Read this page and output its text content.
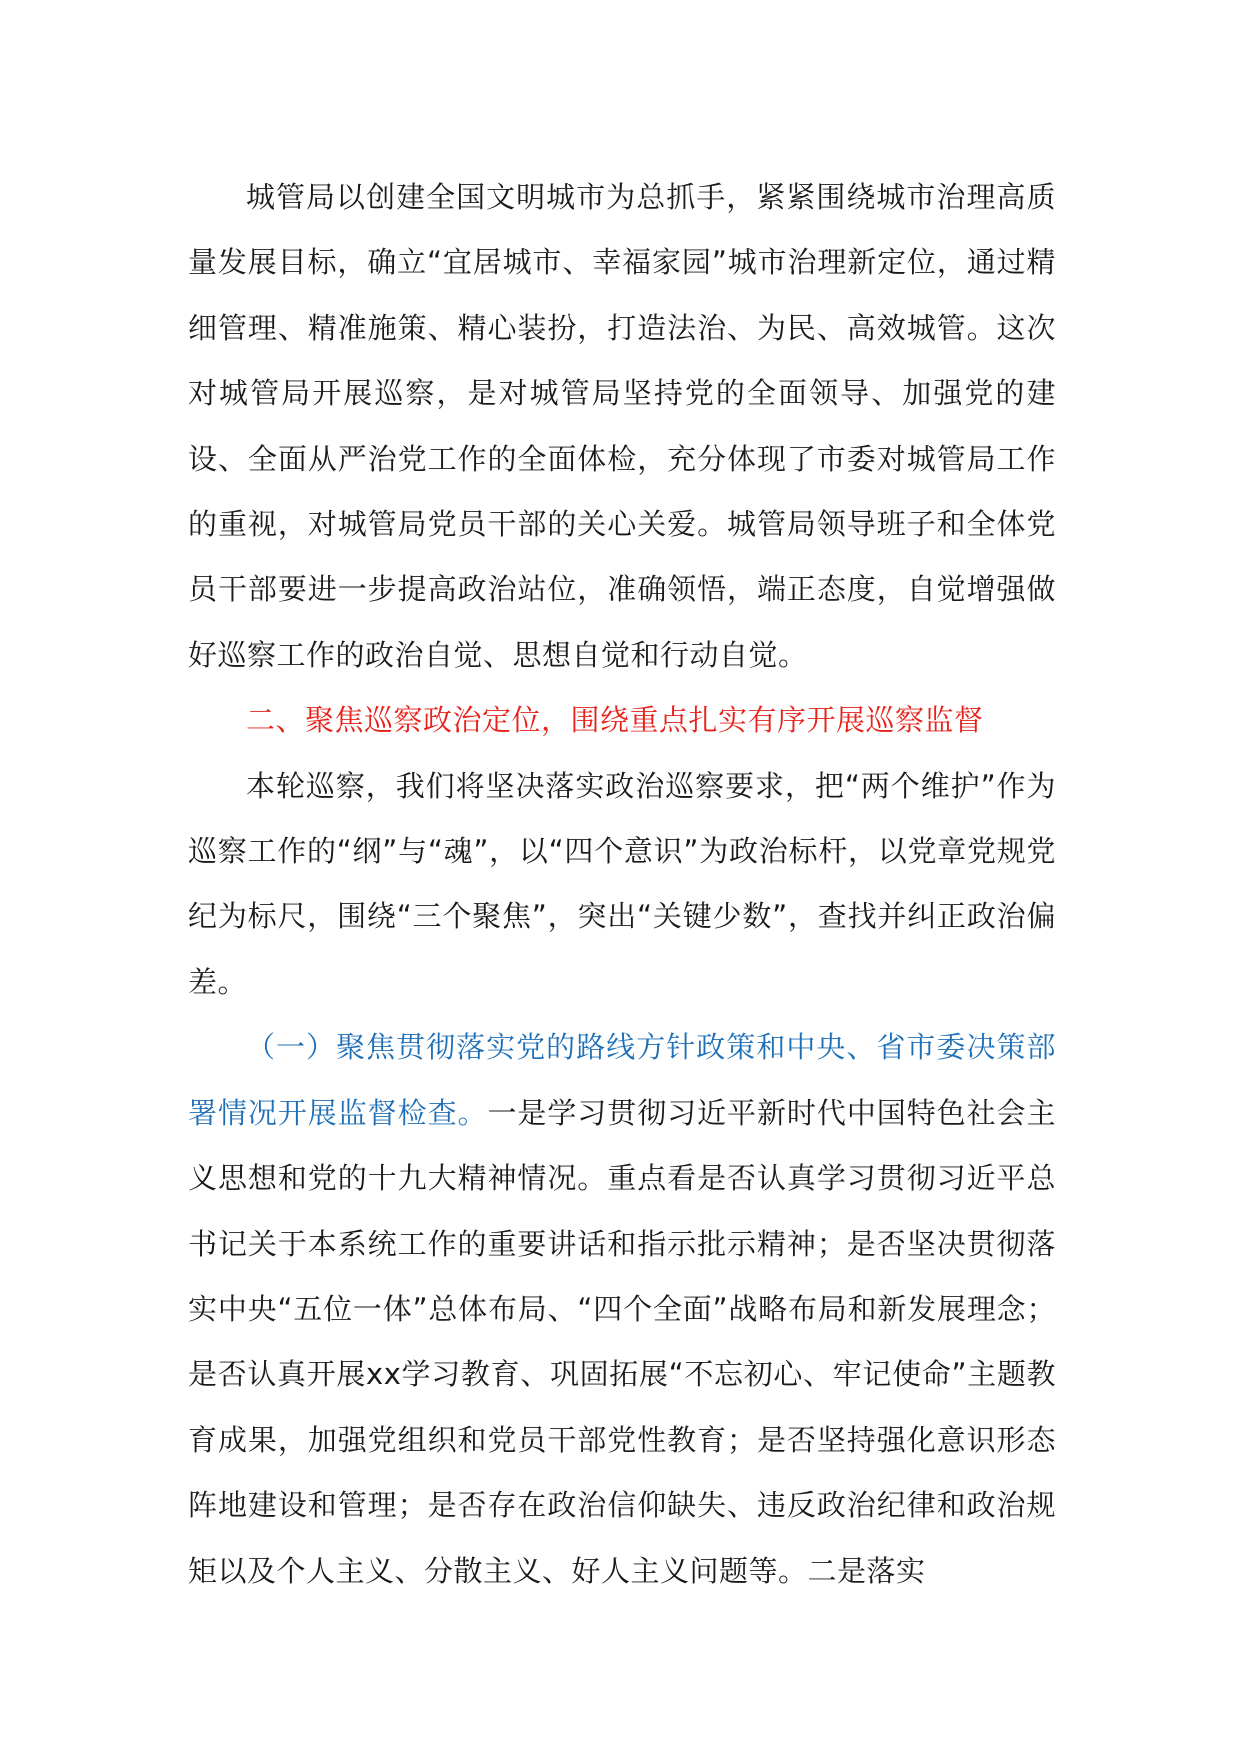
城管局以创建全国文明城市为总抓手，紧紧围绕城市治理高质量发展目标，确立“宜居城市、幸福家园”城市治理新定位，通过精细管理、精准施策、精心装扮，打造法治、为民、高效城管。这次对城管局开展巡察，是对城管局坚持党的全面领导、加强党的建设、全面从严治党工作的全面体检，充分体现了市委对城管局工作的重视，对城管局党员干部的关心关爱。城管局领导班子和全体党员干部要进一步提高政治站位，准确领悟，端正态度，自觉增强做好巡察工作的政治自觉、思想自觉和行动自觉。

二、聚焦巡察政治定位，围绕重点扎实有序开展巡察监督

本轮巡察，我们将坚决落实政治巡察要求，把“两个维护”作为巡察工作的“纲”与“魂”，以“四个意识”为政治标杆，以党章党规党纪为标尺，围绕“三个聚焦”，突出“关键少数”，查找并纠正政治偏差。

（一）聚焦贯彻落实党的路线方针政策和中央、省市委决策部署情况开展监督检查。一是学习贯彻习近平新时代中国特色社会主义思想和党的十九大精神情况。重点看是否认真学习贯彻习近平总书记关于本系统工作的重要讲话和指示批示精神；是否坚决贯彻落实中央“五位一体”总体布局、“四个全面”战略布局和新发展理念；是否认真开展xx学习教育、巩固拓展“不忘初心、牢记使命”主题教育成果，加强党组织和党员干部党性教育；是否坚持强化意识形态阵地建设和管理；是否存在政治信仰缺失、违反政治纪律和政治规矩以及个人主义、分散主义、好人主义问题等。二是落实
